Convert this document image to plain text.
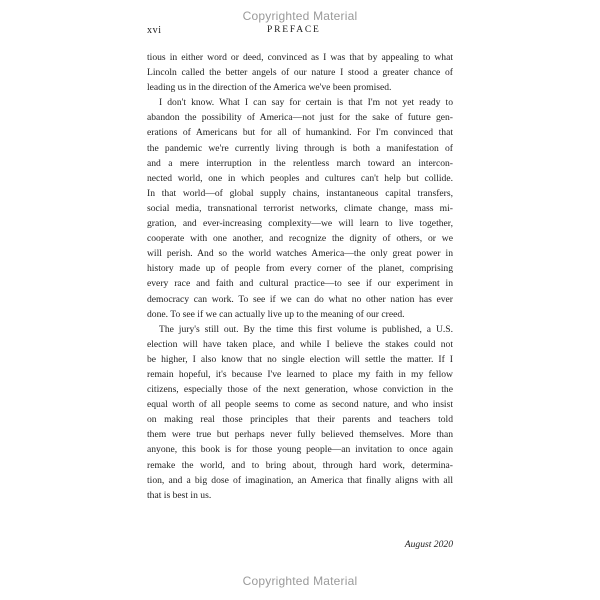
Copyrighted Material
xvi	PREFACE
tious in either word or deed, convinced as I was that by appealing to what
Lincoln called the better angels of our nature I stood a greater chance of
leading us in the direction of the America we've been promised.
I don't know. What I can say for certain is that I'm not yet ready to
abandon the possibility of America—not just for the sake of future gen-
erations of Americans but for all of humankind. For I'm convinced that
the pandemic we're currently living through is both a manifestation of
and a mere interruption in the relentless march toward an intercon-
nected world, one in which peoples and cultures can't help but collide.
In that world—of global supply chains, instantaneous capital transfers,
social media, transnational terrorist networks, climate change, mass mi-
gration, and ever-increasing complexity—we will learn to live together,
cooperate with one another, and recognize the dignity of others, or we
will perish. And so the world watches America—the only great power in
history made up of people from every corner of the planet, comprising
every race and faith and cultural practice—to see if our experiment in
democracy can work. To see if we can do what no other nation has ever
done. To see if we can actually live up to the meaning of our creed.
The jury's still out. By the time this first volume is published, a U.S.
election will have taken place, and while I believe the stakes could not
be higher, I also know that no single election will settle the matter. If I
remain hopeful, it's because I've learned to place my faith in my fellow
citizens, especially those of the next generation, whose conviction in the
equal worth of all people seems to come as second nature, and who insist
on making real those principles that their parents and teachers told
them were true but perhaps never fully believed themselves. More than
anyone, this book is for those young people—an invitation to once again
remake the world, and to bring about, through hard work, determina-
tion, and a big dose of imagination, an America that finally aligns with all
that is best in us.
August 2020
Copyrighted Material
